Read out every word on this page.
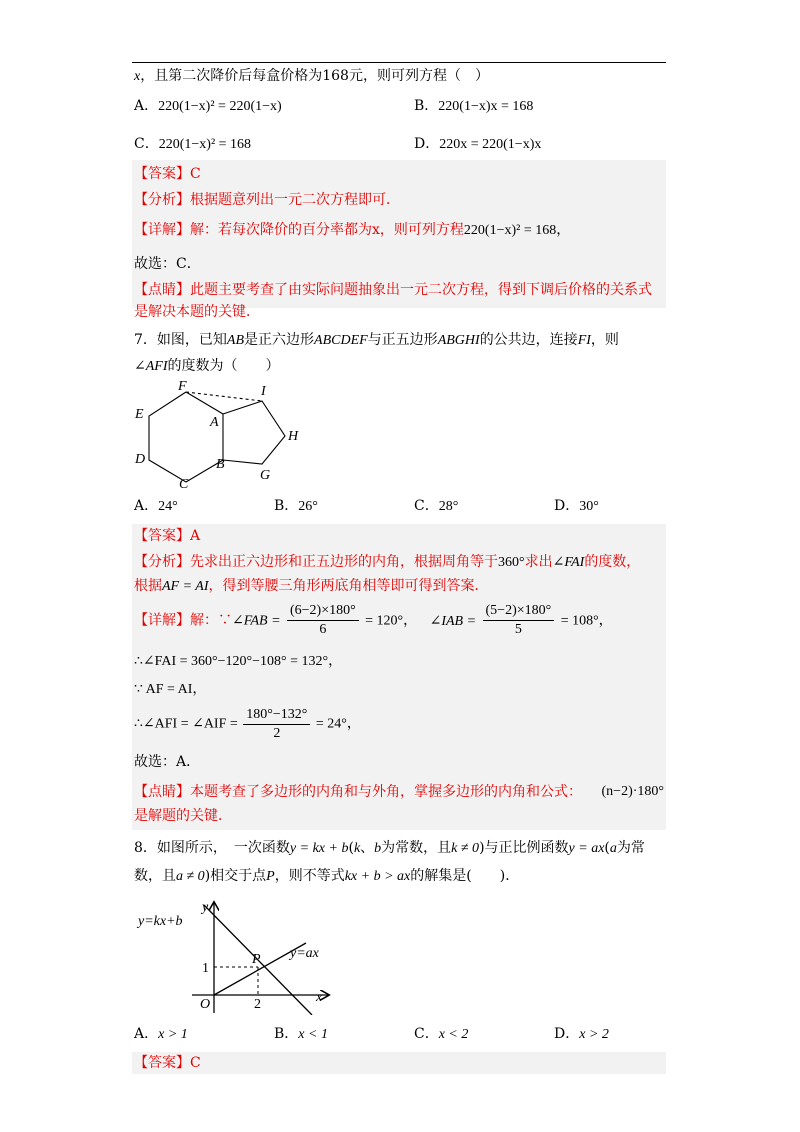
x，且第二次降价后每盒价格为168元，则可列方程（　）
A．220(1−x)² = 220(1−x)	B．220(1−x)x = 168
C．220(1−x)² = 168	D．220x = 220(1−x)x
【答案】C
【分析】根据题意列出一元二次方程即可．
【详解】解：若每次降价的百分率都为x，则可列方程220(1−x)² = 168，
故选：C．
【点睛】此题主要考查了由实际问题抽象出一元二次方程，得到下调后价格的关系式
是解决本题的关键．
7．如图，已知AB是正六边形ABCDEF与正五边形ABGHI的公共边，连接FI，则
∠AFI的度数为（　　）
F	I
E
A
H
D	B
G
C
A．24°	B．26°	C．28°	D．30°
【答案】A
【分析】先求出正六边形和正五边形的内角，根据周角等于360°求出∠FAI的度数，
根据AF = AI，得到等腰三角形两底角相等即可得到答案．
【详解】解：∵∠FAB = $\frac{(6-2)\times 180^\circ}{6} = 120^\circ$， ∠IAB = $\frac{(5-2)\times 180^\circ}{5} = 108^\circ$，
∴∠FAI = 360°−120°−108° = 132°，
∵ AF = AI，
∴∠AFI = ∠AIF = $\frac{180^\circ-132^\circ}{2} = 24^\circ$，
故选：A．
【点睛】本题考查了多边形的内角和与外角，掌握多边形的内角和公式： (n−2)·180°
是解题的关键．
8．如图所示，　一次函数y = kx + b(k、b为常数，且k ≠ 0)与正比例函数y = ax(a为常
数，且a ≠ 0)相交于点P，则不等式kx + b > ax的解集是(　　)．
y=kx+b
y=ax
y
x
O
P
1
2
A．x > 1	B．x < 1	C．x < 2	D．x > 2
【答案】C
